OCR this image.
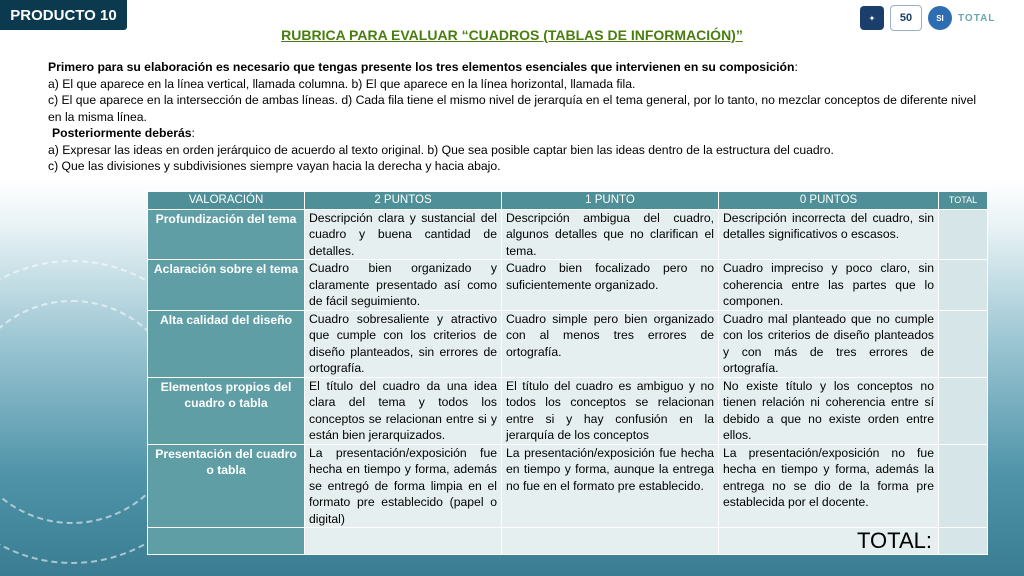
PRODUCTO 10	✦	50	SI	TOTAL
RUBRICA PARA EVALUAR “CUADROS (TABLAS DE INFORMACIÓN)”

Primero para su elaboración es necesario que tengas presente los tres elementos esenciales que intervienen en su composición:

a) El que aparece en la línea vertical, llamada columna. b) El que aparece en la línea horizontal, llamada fila.

c) El que aparece en la intersección de ambas líneas. d) Cada fila tiene el mismo nivel de jerarquía en el tema general, por lo tanto, no mezclar conceptos de diferente nivel en la misma línea.

Posteriormente deberás:

a) Expresar las ideas en orden jerárquico de acuerdo al texto original. b) Que sea posible captar bien las ideas dentro de la estructura del cuadro.

c) Que las divisiones y subdivisiones siempre vayan hacia la derecha y hacia abajo.

VALORACIÓN	2 PUNTOS	1 PUNTO	0 PUNTOS	TOTAL
Profundización del tema	Descripción clara y sustancial del cuadro y buena cantidad de detalles.	Descripción ambigua del cuadro, algunos detalles que no clarifican el tema.	Descripción incorrecta del cuadro, sin detalles significativos o escasos.	
Aclaración sobre el tema	Cuadro bien organizado y claramente presentado así como de fácil seguimiento.	Cuadro bien focalizado pero no suficientemente organizado.	Cuadro impreciso y poco claro, sin coherencia entre las partes que lo componen.	
Alta calidad del diseño	Cuadro sobresaliente y atractivo que cumple con los criterios de diseño planteados, sin errores de ortografía.	Cuadro simple pero bien organizado con al menos tres errores de ortografía.	Cuadro mal planteado que no cumple con los criterios de diseño planteados y con más de tres errores de ortografía.	
Elementos propios del cuadro o tabla	El título del cuadro da una idea clara del tema y todos los conceptos se relacionan entre si y están bien jerarquizados.	El título del cuadro es ambiguo y no todos los conceptos se relacionan entre si y hay confusión en la jerarquía de los conceptos	No existe título y los conceptos no tienen relación ni coherencia entre sí debido a que no existe orden entre ellos.	
Presentación del cuadro o tabla	La presentación/exposición fue hecha en tiempo y forma, además se entregó de forma limpia en el formato pre establecido (papel o digital)	La presentación/exposición fue hecha en tiempo y forma, aunque la entrega no fue en el formato pre establecido.	La presentación/exposición no fue hecha en tiempo y forma, además la entrega no se dio de la forma pre establecida por el docente.	
			TOTAL:	
